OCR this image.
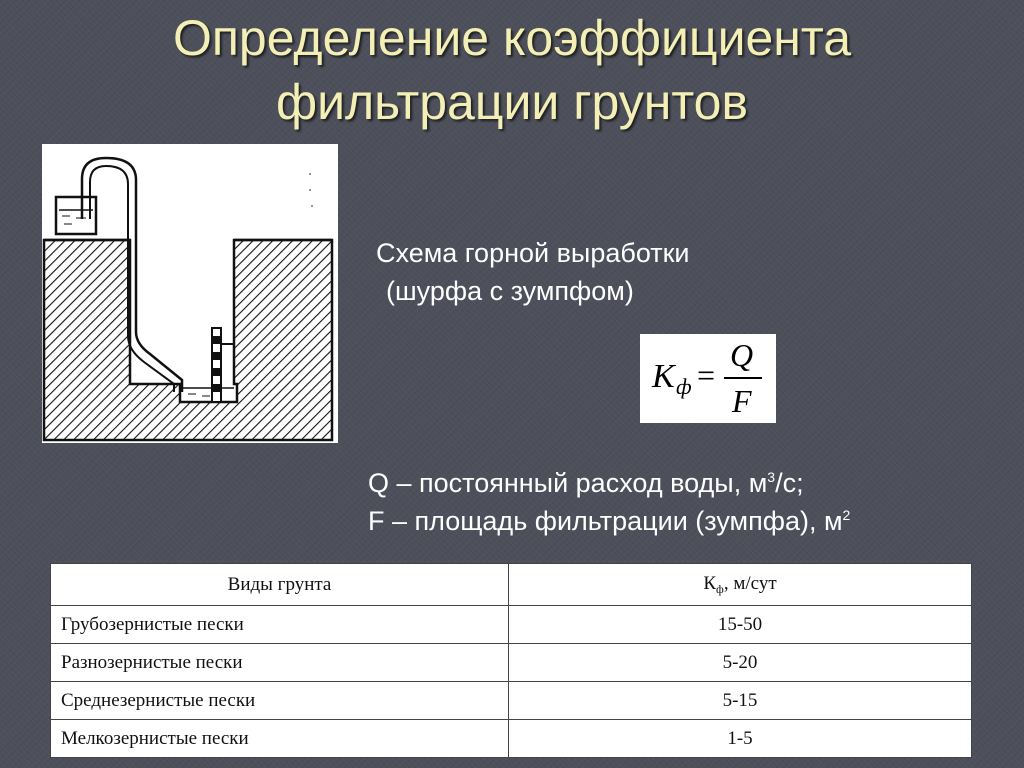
Определение коэффициента
фильтрации грунтов
Схема горной выработки
(шурфа с зумпфом)
K ф =
Q
F
Q – постоянный расход воды, $м^3/с$;
F – площадь фильтрации (зумпфа), $м^2$
Виды грунта	$К_ф$, м/сут
Грубозернистые пески	15-50
Разнозернистые пески	5-20
Среднезернистые пески	5-15
Мелкозернистые пески	1-5
